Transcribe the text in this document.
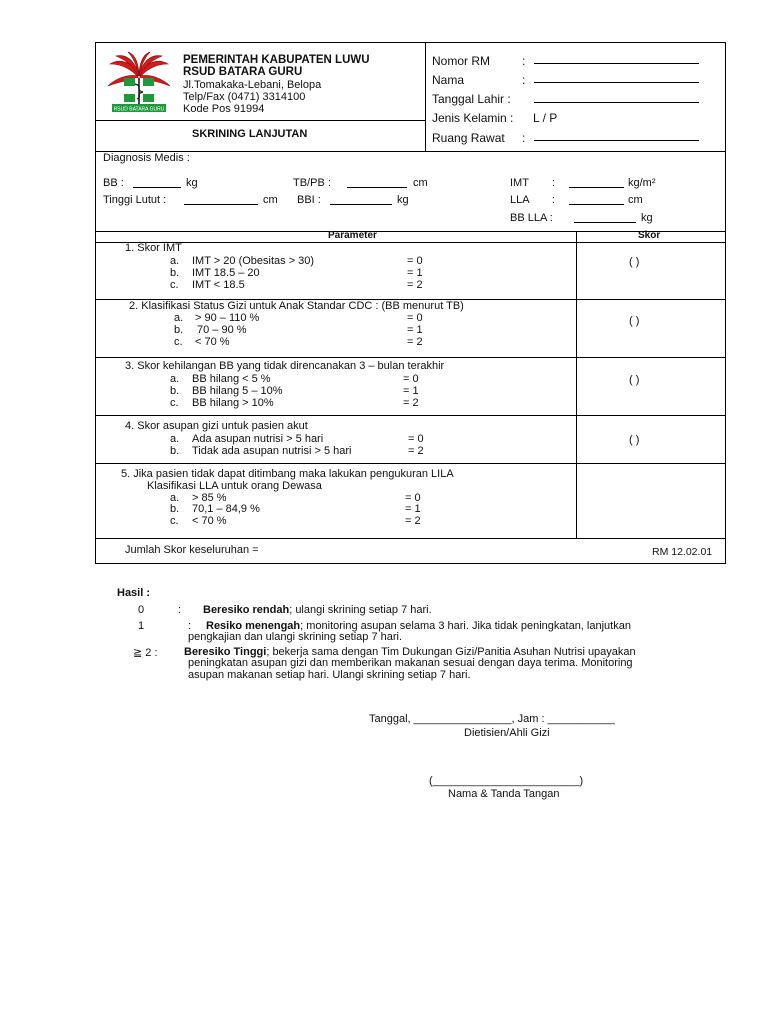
RSUD BATARA GURU
PEMERINTAH KABUPATEN LUWU
RSUD BATARA GURU
Jl.Tomakaka-Lebani, Belopa
Telp/Fax (0471) 3314100
Kode Pos 91994
SKRINING LANJUTAN
Nomor RM	:
Nama	:
Tanggal Lahir :
Jenis Kelamin : L / P
Ruang Rawat :
Diagnosis Medis :
BB :	kg	TB/PB :	cm	IMT :	kg/m²
Tinggi Lutut :	cm BBI :	kg	LLA :	cm
BB LLA :	kg
Parameter	Skor
1. Skor IMT
a. IMT > 20 (Obesitas > 30)	= 0
b. IMT 18.5 – 20	= 1
c. IMT < 18.5	= 2
( )
2. Klasifikasi Status Gizi untuk Anak Standar CDC : (BB menurut TB)
a. > 90 – 110 %	= 0
b. 70 – 90 %	= 1
c. < 70 %	= 2
( )
3. Skor kehilangan BB yang tidak direncanakan 3 – bulan terakhir
a. BB hilang < 5 %	= 0
b. BB hilang 5 – 10%	= 1
c. BB hilang > 10%	= 2
( )
4. Skor asupan gizi untuk pasien akut
a. Ada asupan nutrisi > 5 hari	= 0
b. Tidak ada asupan nutrisi > 5 hari	= 2
( )
5. Jika pasien tidak dapat ditimbang maka lakukan pengukuran LILA
Klasifikasi LLA untuk orang Dewasa
a. > 85 %	= 0
b. 70,1 – 84,9 %	= 1
c. < 70 %	= 2
Jumlah Skor keseluruhan =	RM 12.02.01
Hasil :
0	: Beresiko rendah; ulangi skrining setiap 7 hari.
1	: Resiko menengah; monitoring asupan selama 3 hari. Jika tidak peningkatan, lanjutkan
pengkajian dan ulangi skrining setiap 7 hari.
≧ 2 : Beresiko Tinggi; bekerja sama dengan Tim Dukungan Gizi/Panitia Asuhan Nutrisi upayakan
peningkatan asupan gizi dan memberikan makanan sesuai dengan daya terima. Monitoring
asupan makanan setiap hari. Ulangi skrining setiap 7 hari.
Tanggal, ________________, Jam : ___________
Dietisien/Ahli Gizi
(________________________)
Nama & Tanda Tangan
